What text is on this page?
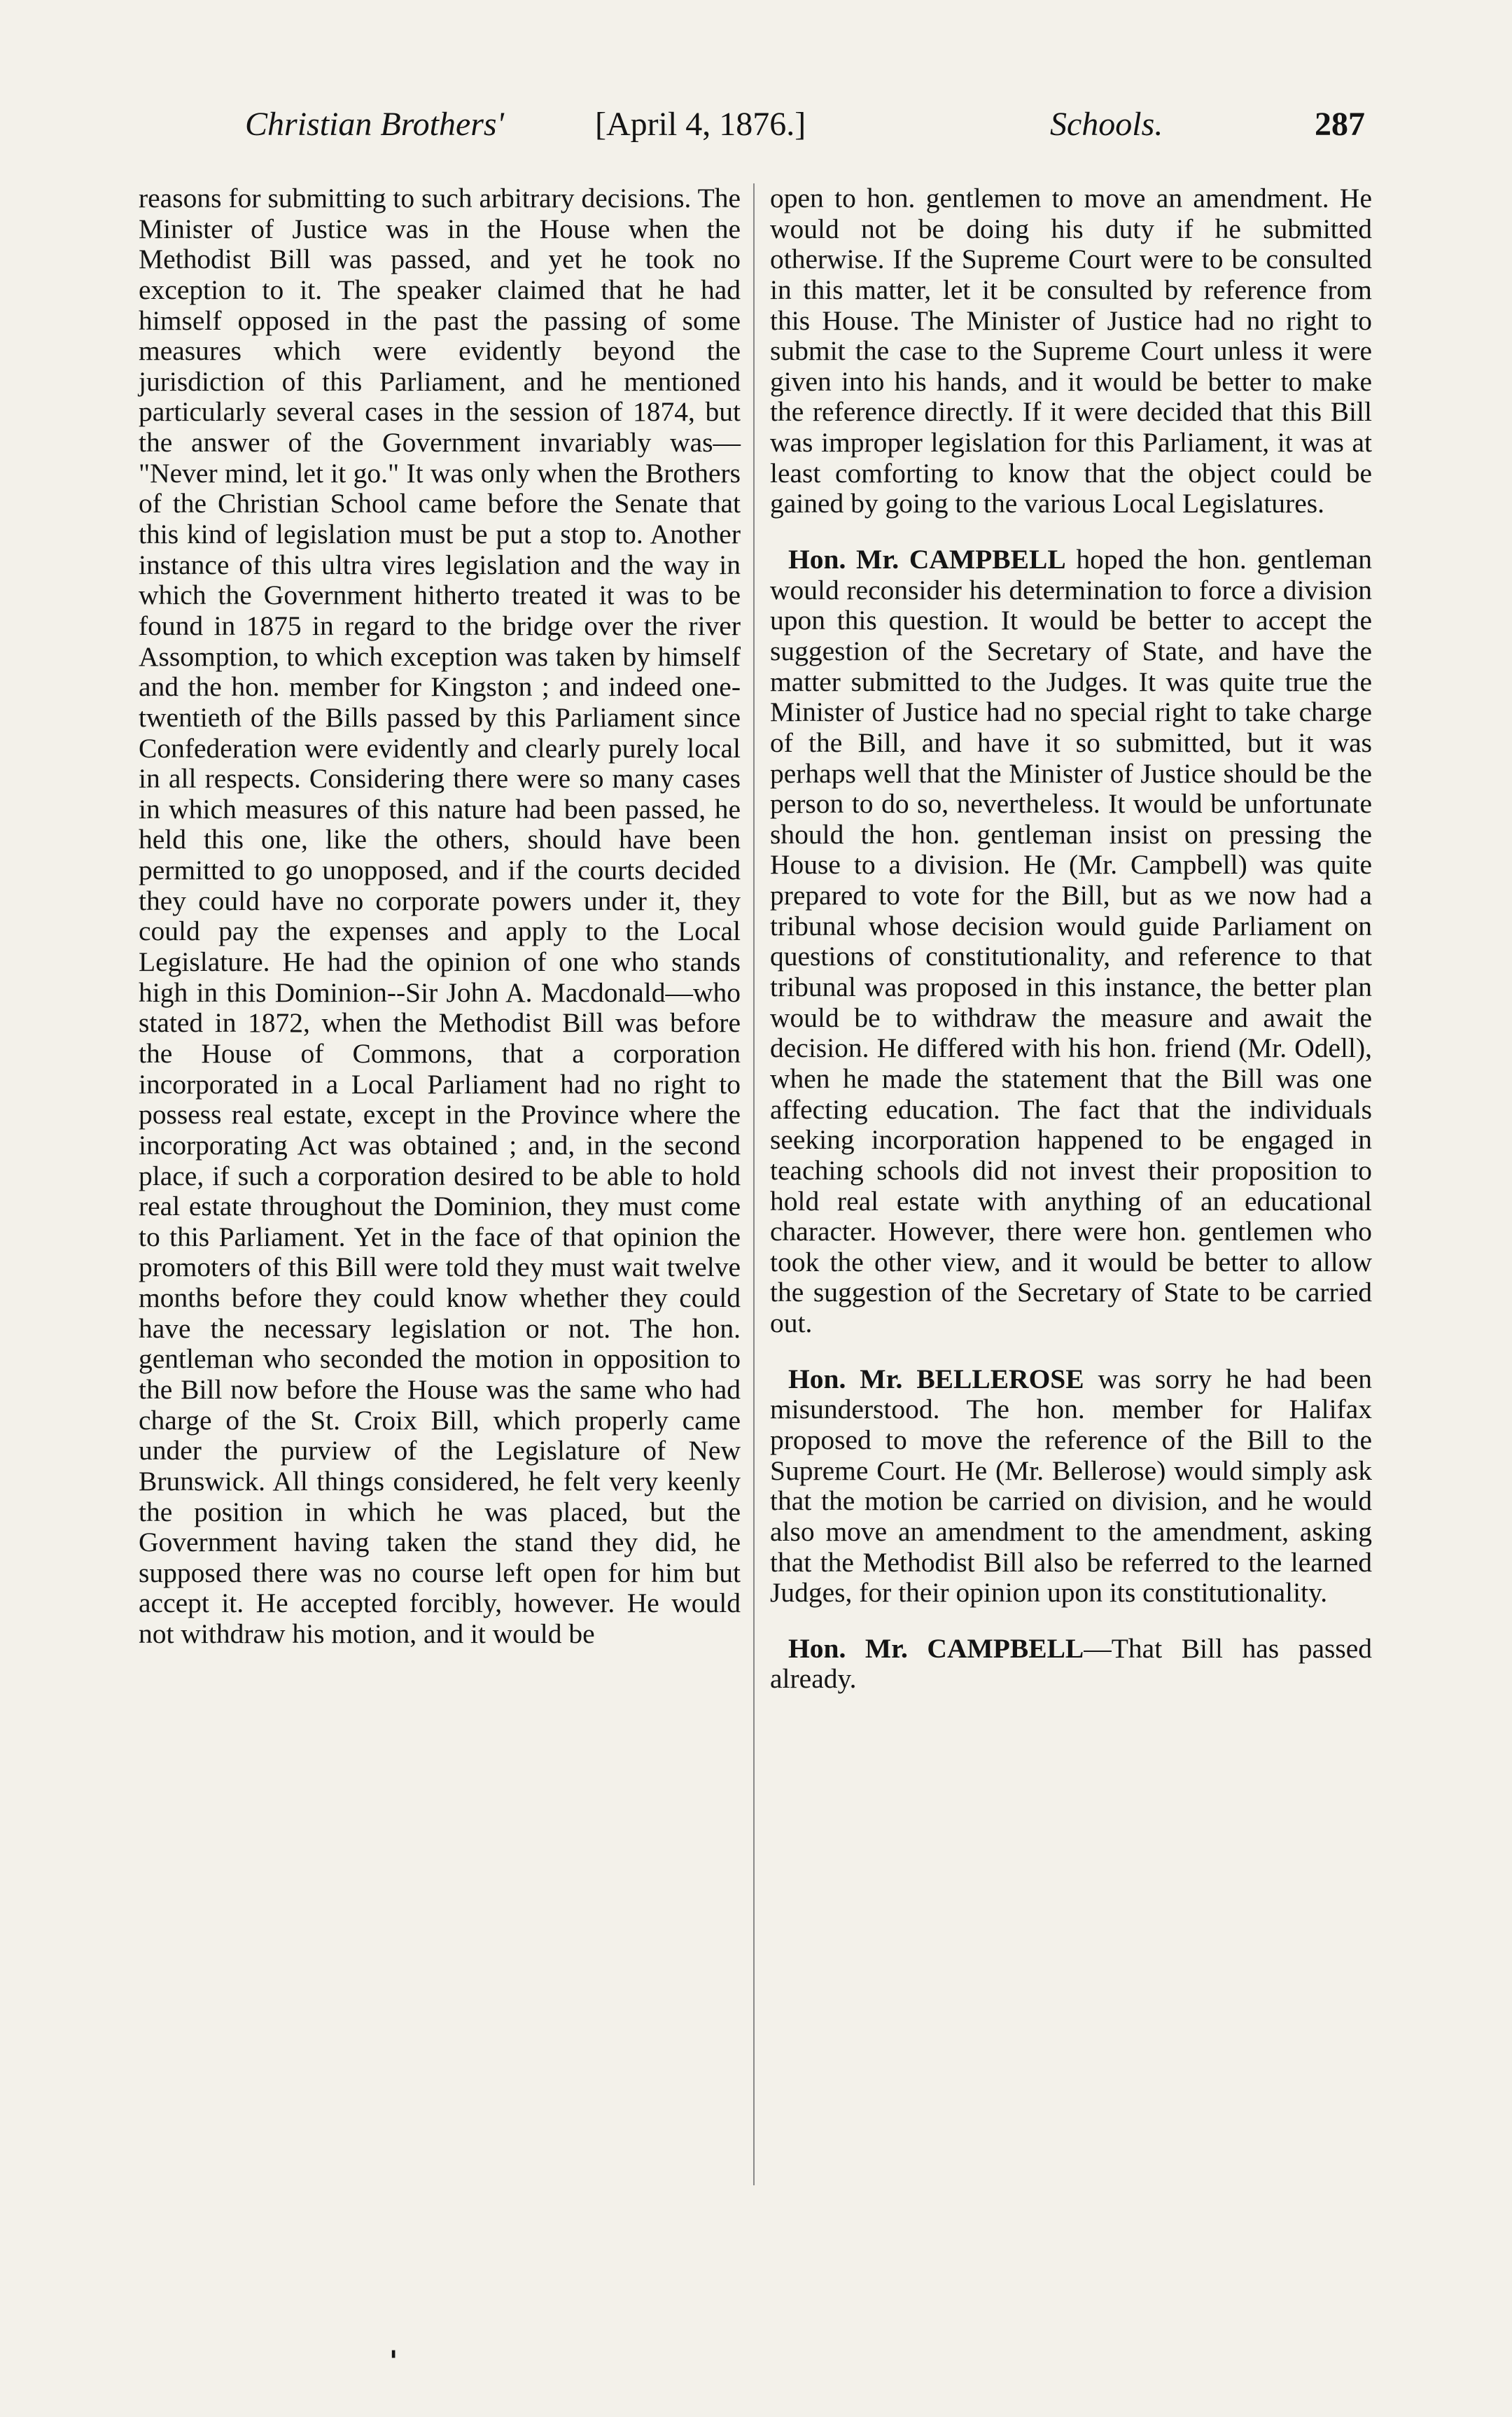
Christian Brothers'	[April 4, 1876.]	Schools.	287

reasons for submitting to such arbitrary decisions. The Minister of Justice was in the House when the Methodist Bill was passed, and yet he took no exception to it. The speaker claimed that he had himself opposed in the past the passing of some measures which were evidently beyond the jurisdiction of this Parliament, and he mentioned particularly several cases in the session of 1874, but the answer of the Government invariably was— "Never mind, let it go." It was only when the Brothers of the Christian School came before the Senate that this kind of legislation must be put a stop to. Another instance of this ultra vires legislation and the way in which the Government hitherto treated it was to be found in 1875 in regard to the bridge over the river Assomption, to which exception was taken by himself and the hon. member for Kingston ; and indeed one-twentieth of the Bills passed by this Parliament since Confederation were evidently and clearly purely local in all respects. Considering there were so many cases in which measures of this nature had been passed, he held this one, like the others, should have been permitted to go unopposed, and if the courts decided they could have no corporate powers under it, they could pay the expenses and apply to the Local Legislature. He had the opinion of one who stands high in this Dominion--Sir John A. Macdonald—who stated in 1872, when the Methodist Bill was before the House of Commons, that a corporation incorporated in a Local Parliament had no right to possess real estate, except in the Province where the incorporating Act was obtained ; and, in the second place, if such a corporation desired to be able to hold real estate throughout the Dominion, they must come to this Parliament. Yet in the face of that opinion the promoters of this Bill were told they must wait twelve months before they could know whether they could have the necessary legislation or not. The hon. gentleman who seconded the motion in opposition to the Bill now before the House was the same who had charge of the St. Croix Bill, which properly came under the purview of the Legislature of New Brunswick. All things considered, he felt very keenly the position in which he was placed, but the Government having taken the stand they did, he supposed there was no course left open for him but accept it. He accepted forcibly, however. He would not withdraw his motion, and it would be

open to hon. gentlemen to move an amendment. He would not be doing his duty if he submitted otherwise. If the Supreme Court were to be consulted in this matter, let it be consulted by reference from this House. The Minister of Justice had no right to submit the case to the Supreme Court unless it were given into his hands, and it would be better to make the reference directly. If it were decided that this Bill was improper legislation for this Parliament, it was at least comforting to know that the object could be gained by going to the various Local Legislatures.

Hon. Mr. CAMPBELL hoped the hon. gentleman would reconsider his determination to force a division upon this question. It would be better to accept the suggestion of the Secretary of State, and have the matter submitted to the Judges. It was quite true the Minister of Justice had no special right to take charge of the Bill, and have it so submitted, but it was perhaps well that the Minister of Justice should be the person to do so, nevertheless. It would be unfortunate should the hon. gentleman insist on pressing the House to a division. He (Mr. Campbell) was quite prepared to vote for the Bill, but as we now had a tribunal whose decision would guide Parliament on questions of constitutionality, and reference to that tribunal was proposed in this instance, the better plan would be to withdraw the measure and await the decision. He differed with his hon. friend (Mr. Odell), when he made the statement that the Bill was one affecting education. The fact that the individuals seeking incorporation happened to be engaged in teaching schools did not invest their proposition to hold real estate with anything of an educational character. However, there were hon. gentlemen who took the other view, and it would be better to allow the suggestion of the Secretary of State to be carried out.

Hon. Mr. BELLEROSE was sorry he had been misunderstood. The hon. member for Halifax proposed to move the reference of the Bill to the Supreme Court. He (Mr. Bellerose) would simply ask that the motion be carried on division, and he would also move an amendment to the amendment, asking that the Methodist Bill also be referred to the learned Judges, for their opinion upon its constitutionality.

Hon. Mr. CAMPBELL—That Bill has passed already.

'
